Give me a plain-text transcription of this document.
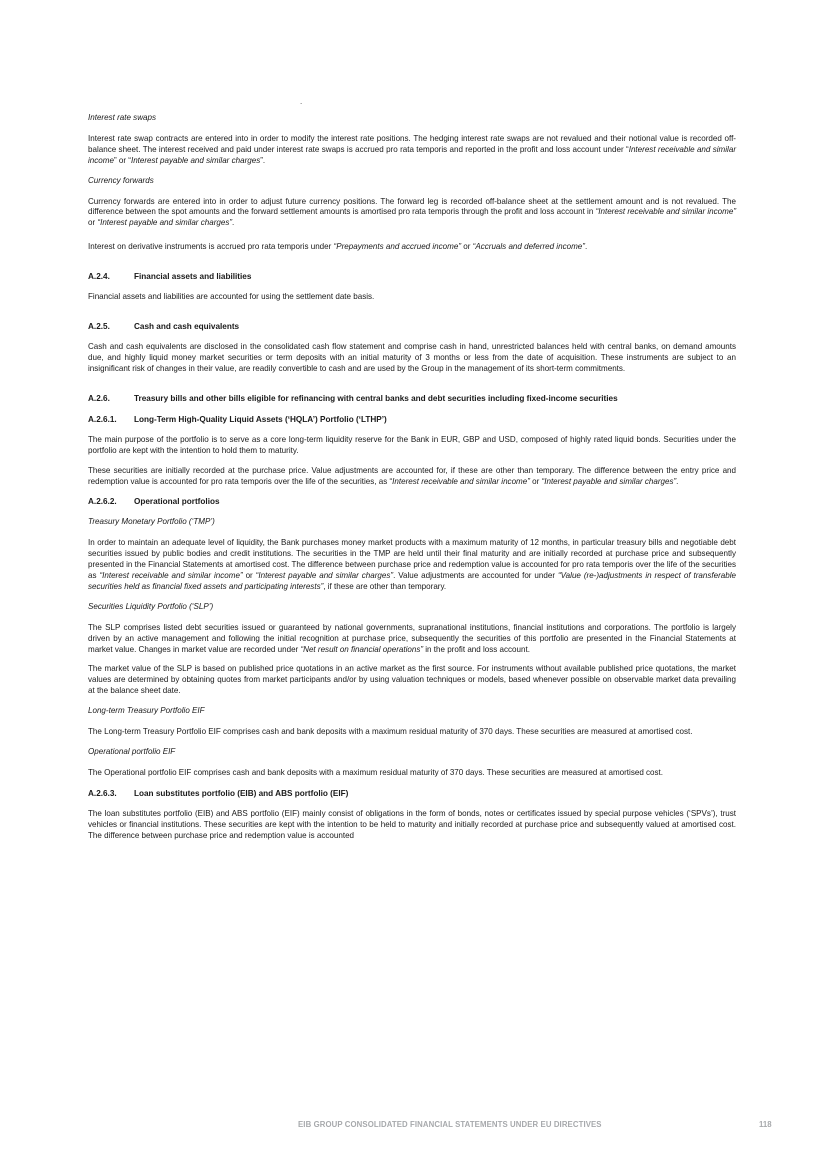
.

Interest rate swaps

Interest rate swap contracts are entered into in order to modify the interest rate positions. The hedging interest rate swaps are not revalued and their notional value is recorded off-balance sheet. The interest received and paid under interest rate swaps is accrued pro rata temporis and reported in the profit and loss account under “Interest receivable and similar income” or “Interest payable and similar charges”.

Currency forwards

Currency forwards are entered into in order to adjust future currency positions. The forward leg is recorded off-balance sheet at the settlement amount and is not revalued. The difference between the spot amounts and the forward settlement amounts is amortised pro rata temporis through the profit and loss account in “Interest receivable and similar income” or “Interest payable and similar charges”.

Interest on derivative instruments is accrued pro rata temporis under “Prepayments and accrued income” or “Accruals and deferred income”.

A.2.4.	Financial assets and liabilities

Financial assets and liabilities are accounted for using the settlement date basis.

A.2.5.	Cash and cash equivalents

Cash and cash equivalents are disclosed in the consolidated cash flow statement and comprise cash in hand, unrestricted balances held with central banks, on demand amounts due, and highly liquid money market securities or term deposits with an initial maturity of 3 months or less from the date of acquisition. These instruments are subject to an insignificant risk of changes in their value, are readily convertible to cash and are used by the Group in the management of its short-term commitments.

A.2.6.	Treasury bills and other bills eligible for refinancing with central banks and debt securities including fixed-income securities
A.2.6.1. Long-Term High-Quality Liquid Assets (‘HQLA’) Portfolio (‘LTHP’)

The main purpose of the portfolio is to serve as a core long-term liquidity reserve for the Bank in EUR, GBP and USD, composed of highly rated liquid bonds. Securities under the portfolio are kept with the intention to hold them to maturity.

These securities are initially recorded at the purchase price. Value adjustments are accounted for, if these are other than temporary. The difference between the entry price and redemption value is accounted for pro rata temporis over the life of the securities, as “Interest receivable and similar income” or “Interest payable and similar charges”.

A.2.6.2. Operational portfolios

Treasury Monetary Portfolio (‘TMP’)

In order to maintain an adequate level of liquidity, the Bank purchases money market products with a maximum maturity of 12 months, in particular treasury bills and negotiable debt securities issued by public bodies and credit institutions. The securities in the TMP are held until their final maturity and are initially recorded at purchase price and subsequently presented in the Financial Statements at amortised cost. The difference between purchase price and redemption value is accounted for pro rata temporis over the life of the securities as “Interest receivable and similar income” or “Interest payable and similar charges”. Value adjustments are accounted for under “Value (re-)adjustments in respect of transferable securities held as financial fixed assets and participating interests”, if these are other than temporary.

Securities Liquidity Portfolio (‘SLP’)

The SLP comprises listed debt securities issued or guaranteed by national governments, supranational institutions, financial institutions and corporations. The portfolio is largely driven by an active management and following the initial recognition at purchase price, subsequently the securities of this portfolio are presented in the Financial Statements at market value. Changes in market value are recorded under “Net result on financial operations” in the profit and loss account.

The market value of the SLP is based on published price quotations in an active market as the first source. For instruments without available published price quotations, the market values are determined by obtaining quotes from market participants and/or by using valuation techniques or models, based whenever possible on observable market data prevailing at the balance sheet date.

Long-term Treasury Portfolio EIF

The Long-term Treasury Portfolio EIF comprises cash and bank deposits with a maximum residual maturity of 370 days. These securities are measured at amortised cost.

Operational portfolio EIF

The Operational portfolio EIF comprises cash and bank deposits with a maximum residual maturity of 370 days. These securities are measured at amortised cost.

A.2.6.3. Loan substitutes portfolio (EIB) and ABS portfolio (EIF)

The loan substitutes portfolio (EIB) and ABS portfolio (EIF) mainly consist of obligations in the form of bonds, notes or certificates issued by special purpose vehicles (‘SPVs’), trust vehicles or financial institutions. These securities are kept with the intention to be held to maturity and initially recorded at purchase price and subsequently valued at amortised cost. The difference between purchase price and redemption value is accounted

EIB GROUP CONSOLIDATED FINANCIAL STATEMENTS UNDER EU DIRECTIVES	118
